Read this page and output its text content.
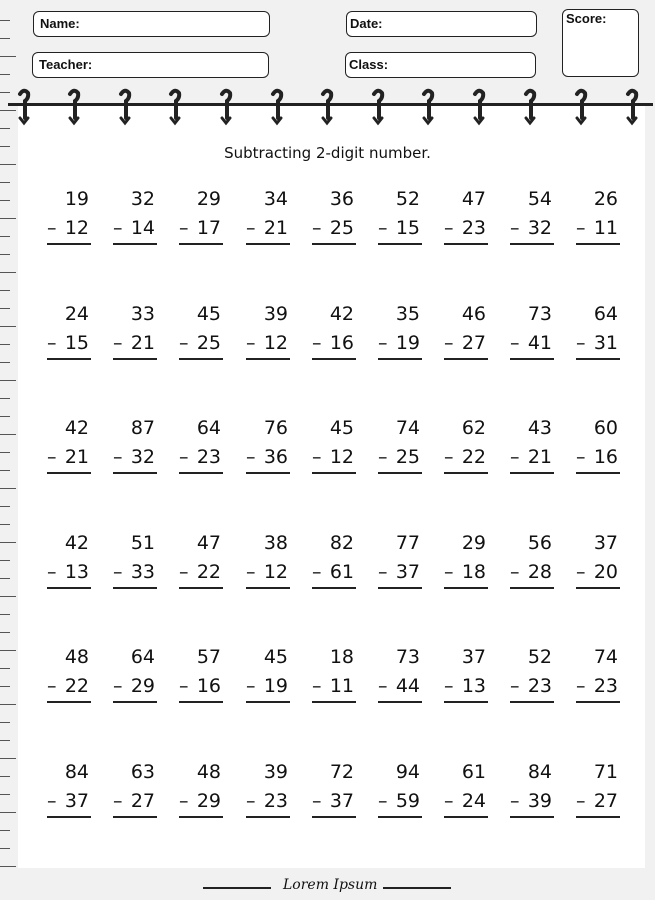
Name:
Teacher:
Date:
Class:
Score:
Subtracting 2-digit number.
19
– 12
32
– 14
29
– 17
34
– 21
36
– 25
52
– 15
47
– 23
54
– 32
26
– 11
24
– 15
33
– 21
45
– 25
39
– 12
42
– 16
35
– 19
46
– 27
73
– 41
64
– 31
42
– 21
87
– 32
64
– 23
76
– 36
45
– 12
74
– 25
62
– 22
43
– 21
60
– 16
42
– 13
51
– 33
47
– 22
38
– 12
82
– 61
77
– 37
29
– 18
56
– 28
37
– 20
48
– 22
64
– 29
57
– 16
45
– 19
18
– 11
73
– 44
37
– 13
52
– 23
74
– 23
84
– 37
63
– 27
48
– 29
39
– 23
72
– 37
94
– 59
61
– 24
84
– 39
71
– 27
Lorem Ipsum
